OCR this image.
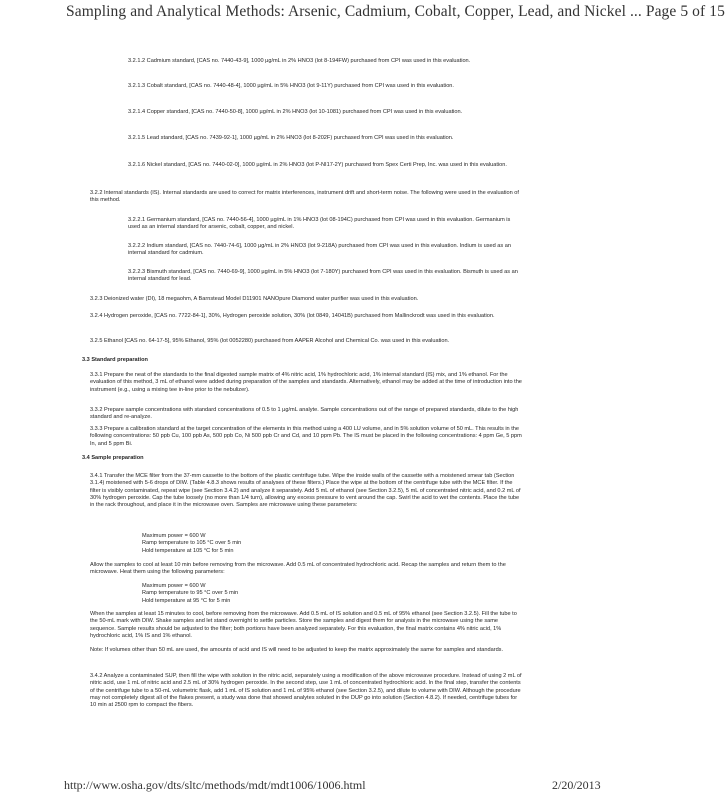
Sampling and Analytical Methods: Arsenic, Cadmium, Cobalt, Copper, Lead, and Nickel ... Page 5 of 15
3.2.1.2 Cadmium standard, [CAS no. 7440-43-9], 1000 µg/mL in 2% HNO3 (lot 8-194FW) purchased from CPI was used in this evaluation.
3.2.1.3 Cobalt standard, [CAS no. 7440-48-4], 1000 µg/mL in 5% HNO3 (lot 9-11Y) purchased from CPI was used in this evaluation.
3.2.1.4 Copper standard, [CAS no. 7440-50-8], 1000 µg/mL in 2% HNO3 (lot 10-1081) purchased from CPI was used in this evaluation.
3.2.1.5 Lead standard, [CAS no. 7439-92-1], 1000 µg/mL in 2% HNO3 (lot 8-202F) purchased from CPI was used in this evaluation.
3.2.1.6 Nickel standard, [CAS no. 7440-02-0], 1000 µg/mL in 2% HNO3 (lot P-NI17-2Y) purchased from Spex Certi Prep, Inc. was used in this evaluation.
3.2.2 Internal standards (IS). Internal standards are used to correct for matrix interferences, instrument drift and short-term noise. The following were used in the evaluation of this method.
3.2.2.1 Germanium standard, [CAS no. 7440-56-4], 1000 µg/mL in 1% HNO3 (lot 08-194C) purchased from CPI was used in this evaluation. Germanium is used as an internal standard for arsenic, cobalt, copper, and nickel.
3.2.2.2 Indium standard, [CAS no. 7440-74-6], 1000 µg/mL in 2% HNO3 (lot 9-218A) purchased from CPI was used in this evaluation. Indium is used as an internal standard for cadmium.
3.2.2.3 Bismuth standard, [CAS no. 7440-69-9], 1000 µg/mL in 5% HNO3 (lot 7-180Y) purchased from CPI was used in this evaluation. Bismuth is used as an internal standard for lead.
3.2.3 Deionized water (DI), 18 megaohm, A Barnstead Model D11901 NANOpure Diamond water purifier was used in this evaluation.
3.2.4 Hydrogen peroxide, [CAS no. 7722-84-1], 30%, Hydrogen peroxide solution, 30% (lot 0849, 14041B) purchased from Mallinckrodt was used in this evaluation.
3.2.5 Ethanol [CAS no. 64-17-5], 95% Ethanol, 95% (lot 0052280) purchased from AAPER Alcohol and Chemical Co. was used in this evaluation.
3.3 Standard preparation
3.3.1 Prepare the neat of the standards to the final digested sample matrix of 4% nitric acid, 1% hydrochloric acid, 1% internal standard (IS) mix, and 1% ethanol. For the evaluation of this method, 3 mL of ethanol were added during preparation of the samples and standards. Alternatively, ethanol may be added at the time of introduction into the instrument (e.g., using a mixing tee in-line prior to the nebulizer).
3.3.2 Prepare sample concentrations with standard concentrations of 0.5 to 1 µg/mL analyte. Sample concentrations out of the range of prepared standards, dilute to the high standard and re-analyze.
3.3.3 Prepare a calibration standard at the target concentration of the elements in this method using a 400 LU volume, and in 5% solution volume of 50 mL. This results in the following concentrations: 50 ppb Cu, 100 ppb As, 500 ppb Co, Ni 500 ppb Cr and Cd, and 10 ppm Pb. The IS must be placed in the following concentrations: 4 ppm Ge, 5 ppm In, and 5 ppm Bi.
3.4 Sample preparation
3.4.1 Transfer the MCE filter from the 37-mm cassette to the bottom of the plastic centrifuge tube. Wipe the inside walls of the cassette with a moistened smear tab (Section 3.1.4) moistened with 5-6 drops of DIW. (Table 4.8.3 shows results of analyses of these filters.) Place the wipe at the bottom of the centrifuge tube with the MCE filter. If the filter is visibly contaminated, repeat wipe (see Section 3.4.2) and analyze it separately. Add 5 mL of ethanol (see Section 3.2.5), 5 mL of concentrated nitric acid, and 0.2 mL of 30% hydrogen peroxide. Cap the tube loosely (no more than 1/4 turn), allowing any excess pressure to vent around the cap. Swirl the acid to wet the contents. Place the tube in the rack throughout, and place it in the microwave oven. Samples are microwave using these parameters:

Maximum power = 600 W

Ramp temperature to 105 °C over 5 min

Hold temperature at 105 °C for 5 min

Allow the samples to cool at least 10 min before removing from the microwave. Add 0.5 mL of concentrated hydrochloric acid. Recap the samples and return them to the microwave. Heat them using the following parameters:

Maximum power = 600 W

Ramp temperature to 95 °C over 5 min

Hold temperature at 95 °C for 5 min

When the samples at least 15 minutes to cool, before removing from the microwave. Add 0.5 mL of IS solution and 0.5 mL of 95% ethanol (see Section 3.2.5). Fill the tube to the 50-mL mark with DIW. Shake samples and let stand overnight to settle particles. Store the samples and digest them for analysis in the microwave using the same sequence. Sample results should be adjusted to the filter; both portions have been analyzed separately. For this evaluation, the final matrix contains 4% nitric acid, 1% hydrochloric acid, 1% IS and 1% ethanol.
Note: If volumes other than 50 mL are used, the amounts of acid and IS will need to be adjusted to keep the matrix approximately the same for samples and standards.
3.4.2 Analyze a contaminated SUP, then fill the wipe with solution in the nitric acid, separately using a modification of the above microwave procedure. Instead of using 2 mL of nitric acid, use 1 mL of nitric acid and 2.5 mL of 30% hydrogen peroxide. In the second step, use 1 mL of concentrated hydrochloric acid. In the final step, transfer the contents of the centrifuge tube to a 50-mL volumetric flask, add 1 mL of IS solution and 1 mL of 95% ethanol (see Section 3.2.5), and dilute to volume with DIW. Although the procedure may not completely digest all of the flakes present, a study was done that showed analytes soluted in the DUP go into solution (Section 4.8.2). If needed, centrifuge tubes for 10 min at 2500 rpm to compact the fibers.
http://www.osha.gov/dts/sltc/methods/mdt/mdt1006/1006.html	2/20/2013
